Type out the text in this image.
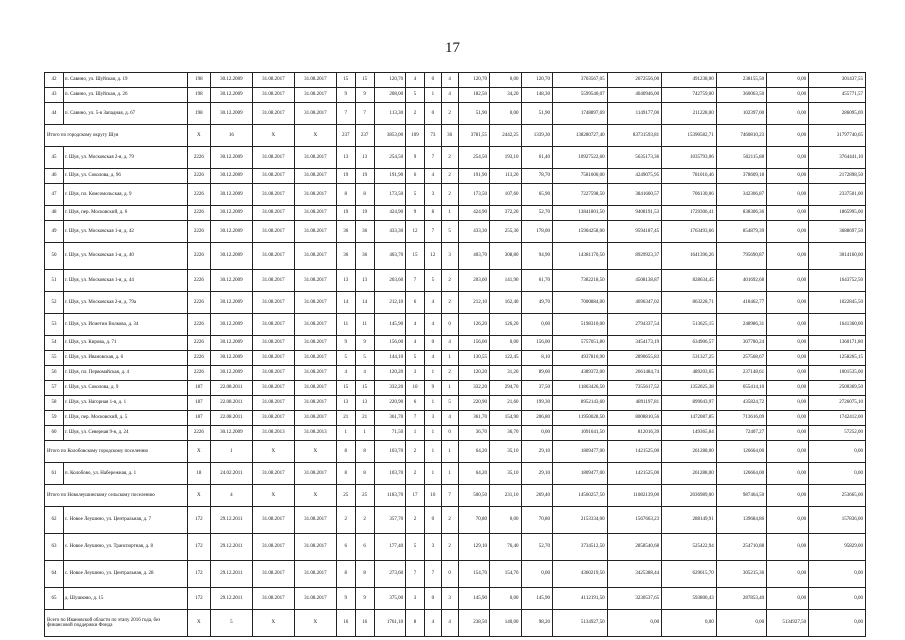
17
42	п. Савино, ул. Шуйская, д. 19	198	30.12.2009	31.08.2017	31.08.2017	15	15	120,70	4	0	4	120,70	0,00	120,70	3703567,05	2672556,00	491238,00	238155,50	0,00	301437,55
43	п. Савино, ул. Шуйская, д. 26	198	30.12.2009	31.08.2017	31.08.2017	9	9	208,00	5	1	4	182,50	34,20	148,30	5599540,07	4040946,00	742759,00	360063,50	0,00	455771,57
44	п. Савино, ул. 5-я Западная, д. 67	198	30.12.2009	31.08.2017	31.08.2017	7	7	113,30	2	0	2	51,90	0,00	51,90	1748897,69	1149177,00	211228,00	102397,00	0,00	286095,69
Итого по городскому округу Шуя		X	16	X	X	237	237	3853,00	109	73	36	3781,55	2442,25	1339,30	138280727,40	83731593,81	15390582,71	7460810,23	0,00	31797740,65
45	г. Шуя, ул. Московская 2-я, д. 79	2226	30.12.2009	31.08.2017	31.08.2017	13	13	254,50	9	7	2	254,50	193,10	61,40	10927522,60	5635173,36	1035793,06	502115,88	0,00	3764441,10
46	г. Шуя, ул. Соколова, д. 96	2226	30.12.2009	31.08.2017	31.08.2017	19	19	191,90	6	4	2	191,90	113,20	78,70	7581600,00	4249075,95	781016,46	378609,18	0,00	2172898,50
47	г. Шуя, пл. Комсомольская, д. 9	2226	30.12.2009	31.08.2017	31.08.2017	8	8	173,50	5	3	2	173,50	107,60	65,90	7227598,50	3841660,57	706130,06	342306,87	0,00	2337501,00
48	г. Шуя, пер. Московский, д. 6	2226	30.12.2009	31.08.2017	31.08.2017	19	19	424,90	9	8	1	424,90	372,20	52,70	13841801,50	9408191,53	1729306,41	838306,36	0,00	1865995,00
49	г. Шуя, ул. Московская 1-я, д. 42	2226	30.12.2009	31.08.2017	31.08.2017	36	36	433,30	12	7	5	433,30	255,30	178,00	15904258,00	9594187,45	1763493,66	854879,39	0,00	3688697,50
50	г. Шуя, ул. Московская 1-я, д. 40	2226	30.12.2009	31.08.2017	31.08.2017	36	36	403,70	15	12	3	403,70	308,80	94,90	14381170,50	8929923,37	1641396,26	795690,87	0,00	3014160,00
51	г. Шуя, ул. Московская 1-я, д. 44	2226	30.12.2009	31.08.2017	31.08.2017	13	13	203,60	7	5	2	203,60	141,90	61,70	7382218,50	4508138,87	828634,45	401692,68	0,00	1643752,50
52	г. Шуя, ул. Московская 2-я, д. 79а	2226	30.12.2009	31.08.2017	31.08.2017	14	14	212,10	6	4	2	212,10	162,40	49,70	7000884,00	4696347,02	863228,71	418462,77	0,00	1022845,50
53	г. Шуя, ул. Исметии Волкова, д. 34	2226	30.12.2009	31.08.2017	31.08.2017	11	11	145,90	4	4	0	126,20	126,20	0,00	5198310,00	2794337,54	513625,15	248986,31	0,00	1641360,00
54	г. Шуя, ул. Кирова, д. 71	2226	30.12.2009	31.08.2017	31.08.2017	9	9	156,00	4	0	4	156,00	0,00	156,00	5757051,80	3454173,19	634906,57	307780,24	0,00	1360171,80
55	г. Шуя, ул. Ивановская, д. 6	2226	30.12.2009	31.08.2017	31.08.2017	5	5	144,10	5	4	1	130,55	122,45	8,10	4937816,90	2890655,83	531327,25	257568,67	0,00	1258265,15
56	г. Шуя, пл. Первомайская, д. 4	2226	30.12.2009	31.08.2017	31.08.2017	4	4	120,20	3	1	2	120,20	31,20	89,00	4389372,00	2661484,74	489203,65	237148,61	0,00	1001535,00
57	г. Шуя, ул. Соколова, д. 9	187	22.08.2011	31.08.2017	31.08.2017	15	15	332,20	10	9	1	332,20	294,70	37,50	11863426,50	7355617,52	1352025,38	655414,10	0,00	2500369,50
58	г. Шуя, ул. Нагорная 1-я, д. 1	187	22.08.2011	31.08.2017	31.08.2017	13	13	220,90	6	1	5	220,90	21,60	199,30	8952143,60	4891197,81	899043,97	435824,72	0,00	2726075,10
59	г. Шуя, пер. Московский, д. 5	187	22.08.2011	31.08.2017	31.08.2017	21	21	361,70	7	3	4	361,70	154,90	206,80	11950028,50	8008810,56	1472087,85	713616,09	0,00	1742412,00
60	г. Шуя, ул. Северная 9-я, д. 24	2226	30.12.2009	31.08.2013	31.08.2013	1	1	71,50	1	1	0	36,70	36,70	0,00	1091641,50	812016,39	149365,84	72407,27	0,00	57252,00
Итого по Колобовскому городскому поселению		X	1	X	X	8	8	103,70	2	1	1	64,20	35,10	29,10	1809477,00	1421525,00	261288,00	126664,00	0,00	0,00
61	п. Колобово, ул. Набережная, д. 1	18	24.02.2011	31.08.2017	31.08.2017	8	8	103,70	2	1	1	64,20	35,10	29,10	1809477,00	1421525,00	261288,00	126664,00	0,00	0,00
Итого по Новолеушинскому сельскому поселению		X	4	X	X	25	25	1183,70	17	10	7	500,50	231,10	269,40	14560257,50	11082139,00	2036989,00	987464,50	0,00	253665,00
62	с. Новое Леушино, ул. Центральная, д. 7	172	29.12.2011	31.08.2017	31.08.2017	2	2	357,70	2	0	2	70,80	0,00	70,80	2153334,00	1567663,23	288149,91	139684,86	0,00	157836,00
63	с. Новое Леушино, ул. Транспортная, д. 8	172	29.12.2011	31.08.2017	31.08.2017	6	6	177,40	5	3	2	129,10	76,40	52,70	3734512,50	2858540,68	525422,94	254710,88	0,00	95829,00
64	с. Новое Леушино, ул. Центральная, д. 28	172	29.12.2011	31.08.2017	31.08.2017	8	8	273,60	7	7	0	154,70	154,70	0,00	4360219,50	3425388,44	629615,70	305215,36	0,00	0,00
65	д. Шушково, д. 15	172	29.12.2011	31.08.2017	31.08.2017	9	9	375,00	3	0	3	145,90	0,00	145,90	4112191,50	3230537,65	593800,43	287853,40	0,00	0,00
Всего по Ивановской области по этапу 2016 года, без финансовой поддержки Фонда		X	5	X	X	16	16	1761,10	8	4	4	238,50	140,00	98,20	5134927,50	0,00	0,00	0,00	5134927,50	0,00
